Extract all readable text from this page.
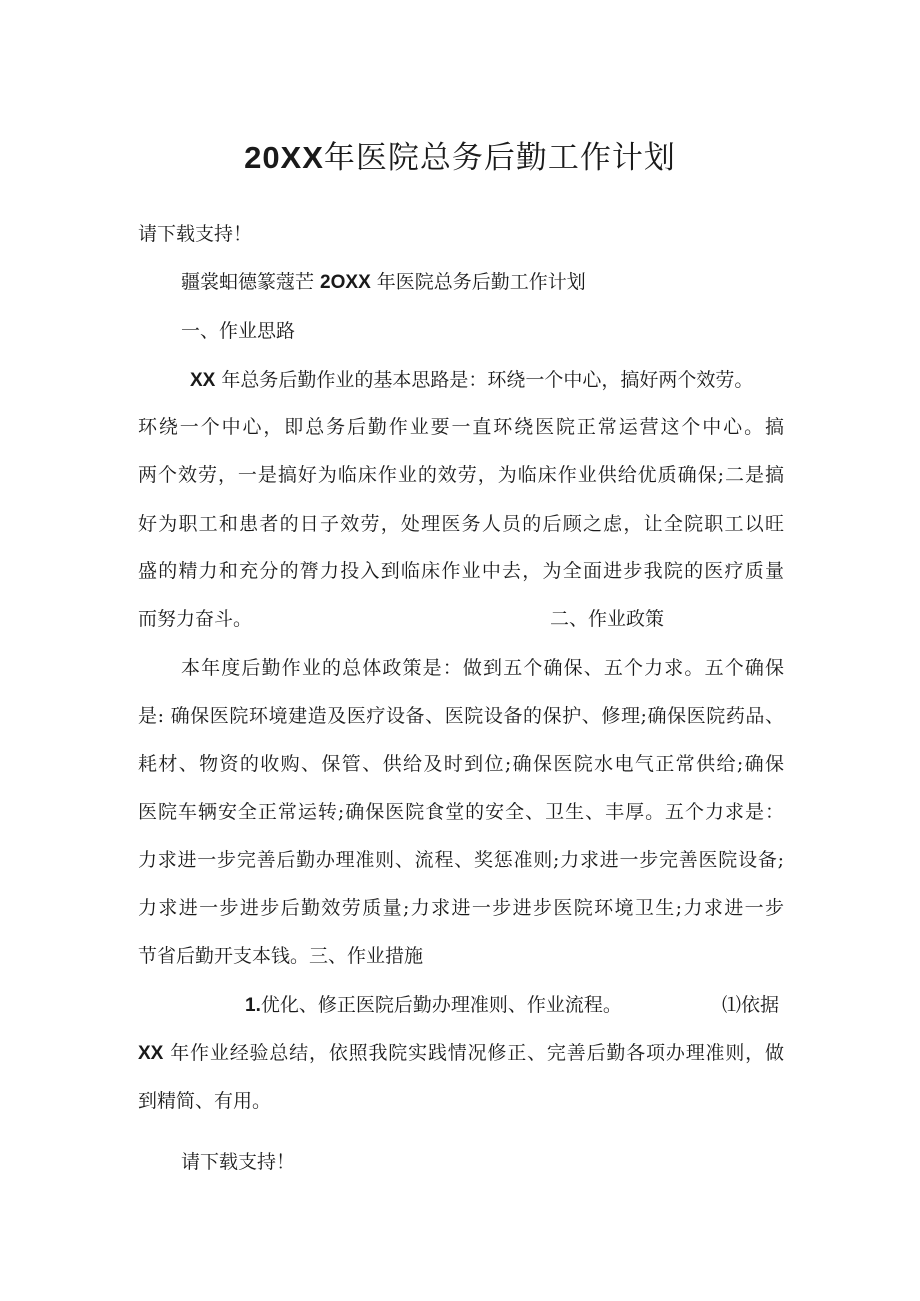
20XX年医院总务后勤工作计划
请下载支持！
疆裳蚎德篆蔻芒 2OXX 年医院总务后勤工作计划
一、作业思路
XX 年总务后勤作业的基本思路是：环绕一个中心，搞好两个效劳。
环绕一个中心，即总务后勤作业要一直环绕医院正常运营这个中心。搞
两个效劳，一是搞好为临床作业的效劳，为临床作业供给优质确保;二是搞
好为职工和患者的日子效劳，处理医务人员的后顾之虑，让全院职工以旺
盛的精力和充分的膂力投入到临床作业中去，为全面进步我院的医疗质量
而努力奋斗。	二、作业政策
本年度后勤作业的总体政策是：做到五个确保、五个力求。五个确保
是: 确保医院环境建造及医疗设备、医院设备的保护、修理;确保医院药品、
耗材、物资的收购、保管、供给及时到位;确保医院水电气正常供给;确保
医院车辆安全正常运转;确保医院食堂的安全、卫生、丰厚。五个力求是：
力求进一步完善后勤办理准则、流程、奖惩准则;力求进一步完善医院设备;
力求进一步进步后勤效劳质量;力求进一步进步医院环境卫生;力求进一步
节省后勤开支本钱。三、作业措施
1.优化、修正医院后勤办理准则、作业流程。	⑴依据
XX 年作业经验总结，依照我院实践情况修正、完善后勤各项办理准则，做
到精简、有用。
请下载支持！
